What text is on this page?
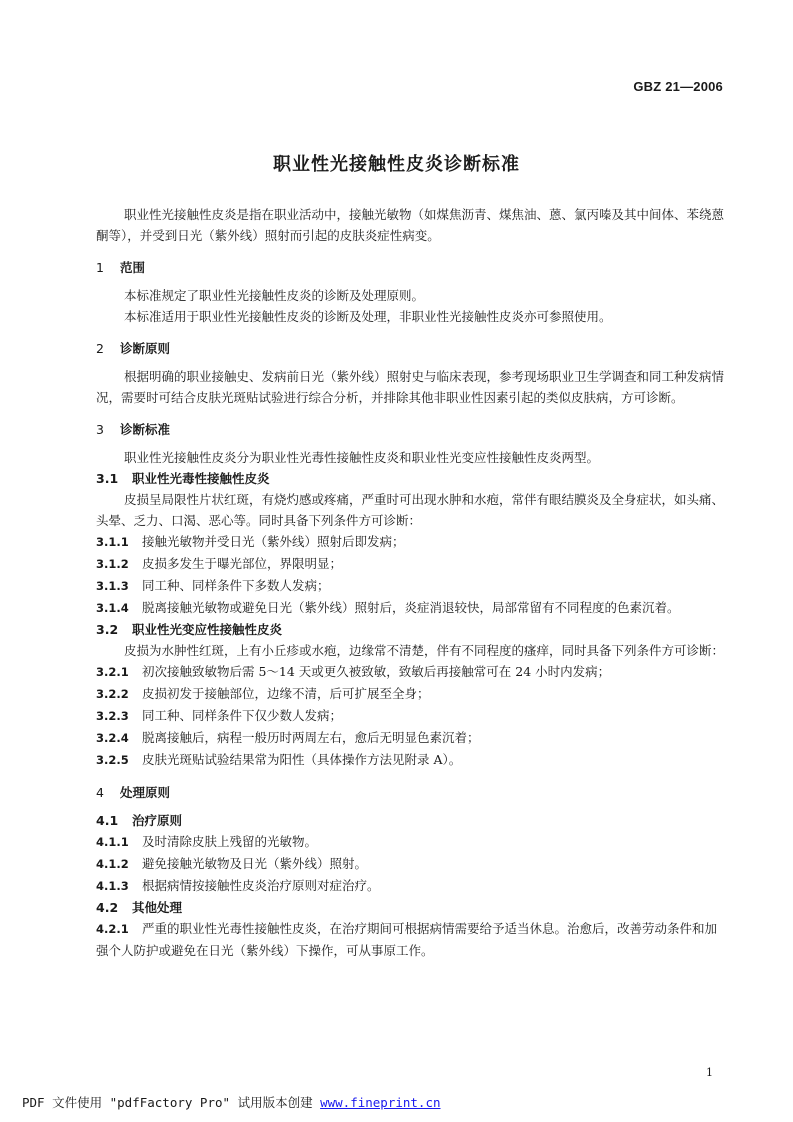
GBZ 21—2006
职业性光接触性皮炎诊断标准

职业性光接触性皮炎是指在职业活动中，接触光敏物（如煤焦沥青、煤焦油、蒽、氯丙嗪及其中间体、苯绕蒽酮等），并受到日光（紫外线）照射而引起的皮肤炎症性病变。

1 范围

本标准规定了职业性光接触性皮炎的诊断及处理原则。

本标准适用于职业性光接触性皮炎的诊断及处理，非职业性光接触性皮炎亦可参照使用。

2 诊断原则

根据明确的职业接触史、发病前日光（紫外线）照射史与临床表现，参考现场职业卫生学调查和同工种发病情况，需要时可结合皮肤光斑贴试验进行综合分析，并排除其他非职业性因素引起的类似皮肤病，方可诊断。

3 诊断标准

职业性光接触性皮炎分为职业性光毒性接触性皮炎和职业性光变应性接触性皮炎两型。

3.1 职业性光毒性接触性皮炎

皮损呈局限性片状红斑，有烧灼感或疼痛，严重时可出现水肿和水疱，常伴有眼结膜炎及全身症状，如头痛、头晕、乏力、口渴、恶心等。同时具备下列条件方可诊断：

3.1.1 接触光敏物并受日光（紫外线）照射后即发病；

3.1.2 皮损多发生于曝光部位，界限明显；

3.1.3 同工种、同样条件下多数人发病；

3.1.4 脱离接触光敏物或避免日光（紫外线）照射后，炎症消退较快，局部常留有不同程度的色素沉着。

3.2 职业性光变应性接触性皮炎

皮损为水肿性红斑，上有小丘疹或水疱，边缘常不清楚，伴有不同程度的瘙痒，同时具备下列条件方可诊断：

3.2.1 初次接触致敏物后需 5～14 天或更久被致敏，致敏后再接触常可在 24 小时内发病；

3.2.2 皮损初发于接触部位，边缘不清，后可扩展至全身；

3.2.3 同工种、同样条件下仅少数人发病；

3.2.4 脱离接触后，病程一般历时两周左右，愈后无明显色素沉着；

3.2.5 皮肤光斑贴试验结果常为阳性（具体操作方法见附录 A）。

4 处理原则

4.1 治疗原则

4.1.1 及时清除皮肤上残留的光敏物。

4.1.2 避免接触光敏物及日光（紫外线）照射。

4.1.3 根据病情按接触性皮炎治疗原则对症治疗。

4.2 其他处理

4.2.1 严重的职业性光毒性接触性皮炎，在治疗期间可根据病情需要给予适当休息。治愈后，改善劳动条件和加强个人防护或避免在日光（紫外线）下操作，可从事原工作。

1
PDF 文件使用 "pdfFactory Pro" 试用版本创建 www.fineprint.cn
